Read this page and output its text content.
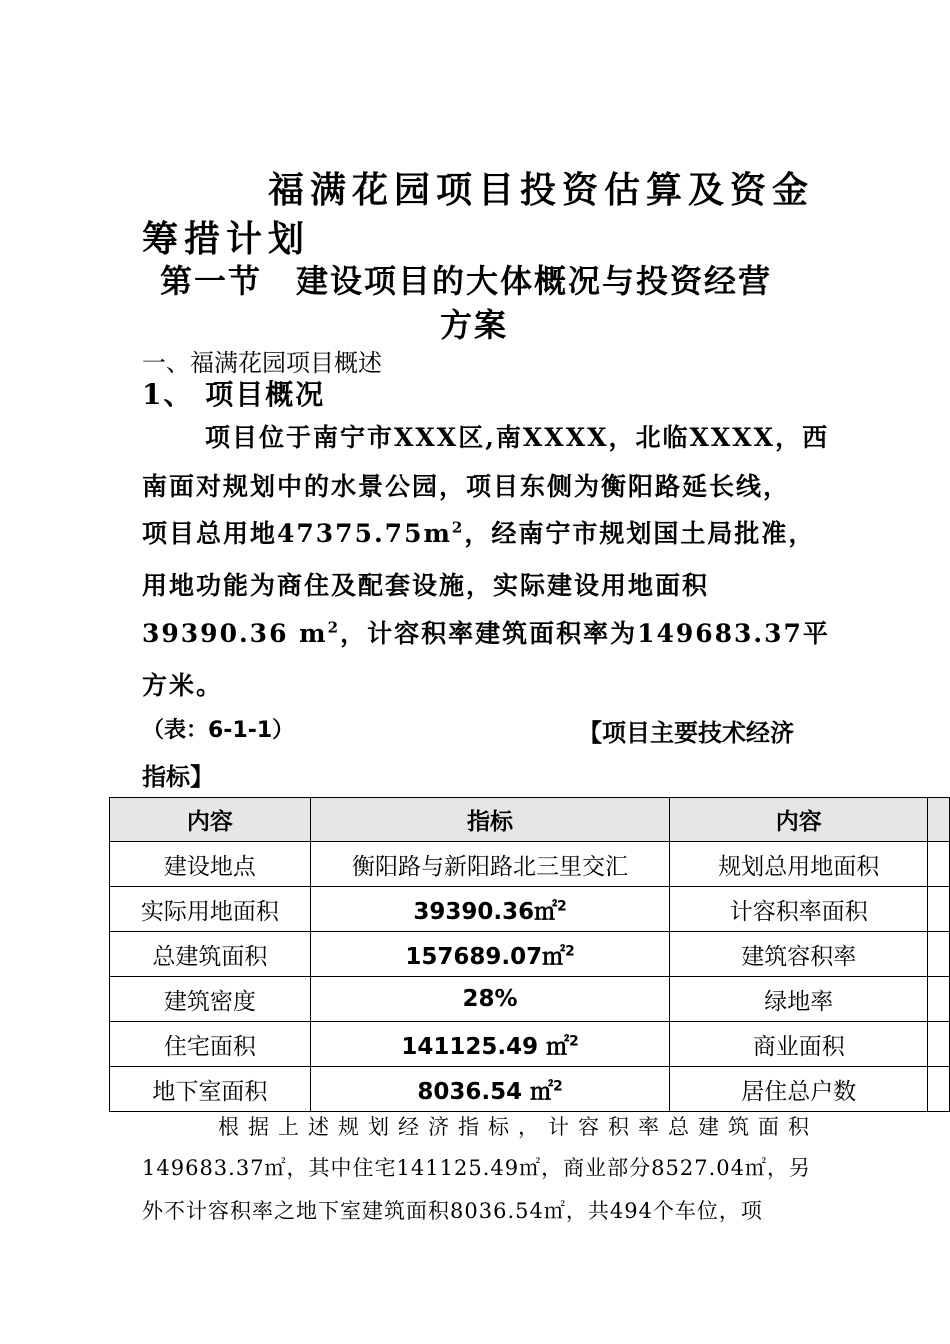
福满花园项目投资估算及资金
筹措计划
第一节　建设项目的大体概况与投资经营
方案
一、福满花园项目概述
1、 项目概况
项目位于南宁市XXX区,南XXXX，北临XXXX，西
南面对规划中的水景公园，项目东侧为衡阳路延长线，
项目总用地$47375.75m^2$，经南宁市规划国土局批准，
用地功能为商住及配套设施，实际建设用地面积
39390.36 $m^2$，计容积率建筑面积率为149683.37平
方米。
（表：6-1-1）	【项目主要技术经济
指标】
内容	指标	内容	
建设地点	衡阳路与新阳路北三里交汇	规划总用地面积	
实际用地面积	39390.36㎡$^2$	计容积率面积	
总建筑面积	157689.07㎡$^2$	建筑容积率	
建筑密度	28%	绿地率	
住宅面积	141125.49 ㎡$^2$	商业面积	
地下室面积	8036.54 ㎡$^2$	居住总户数	
根据上述规划经济指标，计容积率总建筑面积
149683.37㎡，其中住宅141125.49㎡，商业部分8527.04㎡，另
外不计容积率之地下室建筑面积8036.54㎡，共494个车位，项
